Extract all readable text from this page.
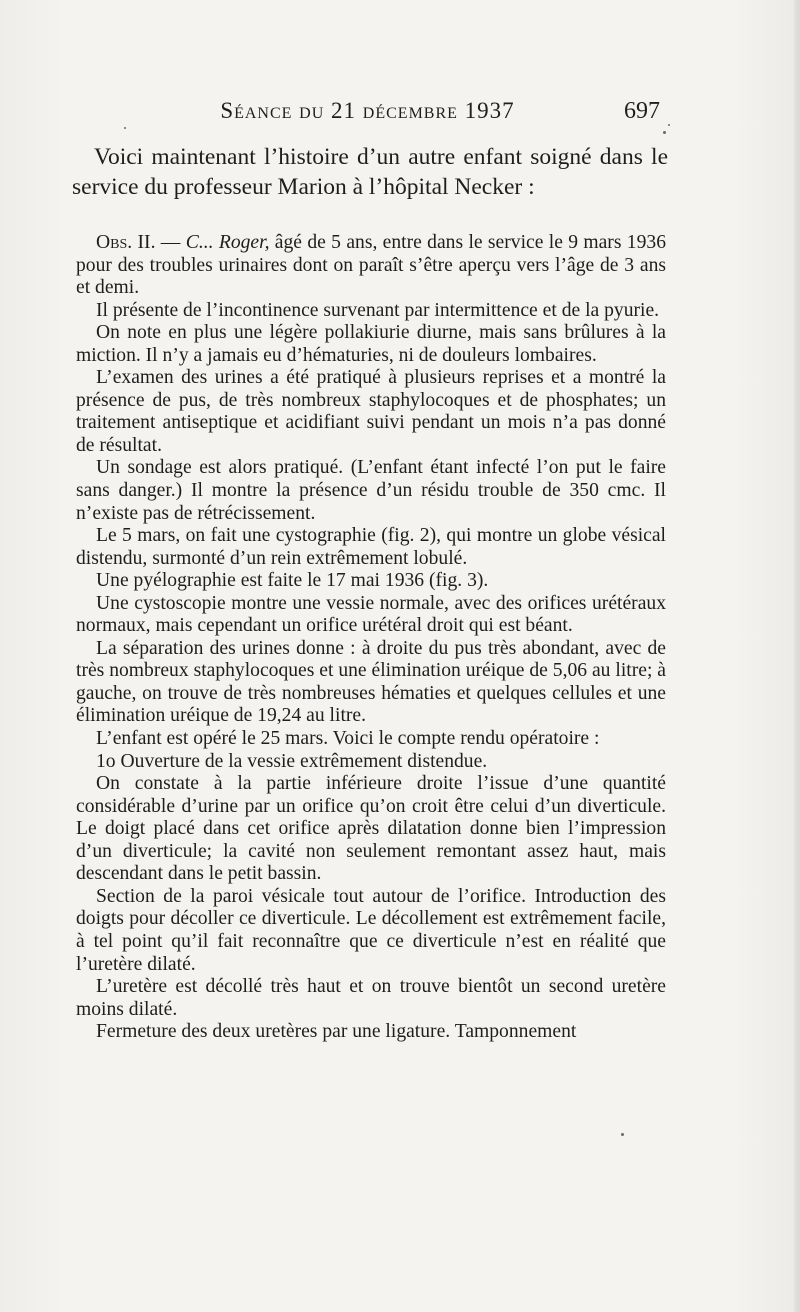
Séance du 21 décembre 1937	697

Voici maintenant l’histoire d’un autre enfant soigné dans le service du professeur Marion à l’hôpital Necker :

Obs. II. — C... Roger, âgé de 5 ans, entre dans le service le 9 mars 1936 pour des troubles urinaires dont on paraît s’être aperçu vers l’âge de 3 ans et demi.

Il présente de l’incontinence survenant par intermittence et de la pyurie.

On note en plus une légère pollakiurie diurne, mais sans brûlures à la miction. Il n’y a jamais eu d’hématuries, ni de douleurs lombaires.

L’examen des urines a été pratiqué à plusieurs reprises et a montré la présence de pus, de très nombreux staphylocoques et de phosphates; un traitement antiseptique et acidifiant suivi pendant un mois n’a pas donné de résultat.

Un sondage est alors pratiqué. (L’enfant étant infecté l’on put le faire sans danger.) Il montre la présence d’un résidu trouble de 350 cmc. Il n’existe pas de rétrécissement.

Le 5 mars, on fait une cystographie (fig. 2), qui montre un globe vésical distendu, surmonté d’un rein extrêmement lobulé.

Une pyélographie est faite le 17 mai 1936 (fig. 3).

Une cystoscopie montre une vessie normale, avec des orifices urétéraux normaux, mais cependant un orifice urétéral droit qui est béant.

La séparation des urines donne : à droite du pus très abondant, avec de très nombreux staphylocoques et une élimination uréique de 5,06 au litre; à gauche, on trouve de très nombreuses hématies et quelques cellules et une élimination uréique de 19,24 au litre.

L’enfant est opéré le 25 mars. Voici le compte rendu opératoire :

1o Ouverture de la vessie extrêmement distendue.

On constate à la partie inférieure droite l’issue d’une quantité considérable d’urine par un orifice qu’on croit être celui d’un diverticule. Le doigt placé dans cet orifice après dilatation donne bien l’impression d’un diverticule; la cavité non seulement remontant assez haut, mais descendant dans le petit bassin.

Section de la paroi vésicale tout autour de l’orifice. Introduction des doigts pour décoller ce diverticule. Le décollement est extrêmement facile, à tel point qu’il fait reconnaître que ce diverticule n’est en réalité que l’uretère dilaté.

L’uretère est décollé très haut et on trouve bientôt un second uretère moins dilaté.

Fermeture des deux uretères par une ligature. Tamponnement
